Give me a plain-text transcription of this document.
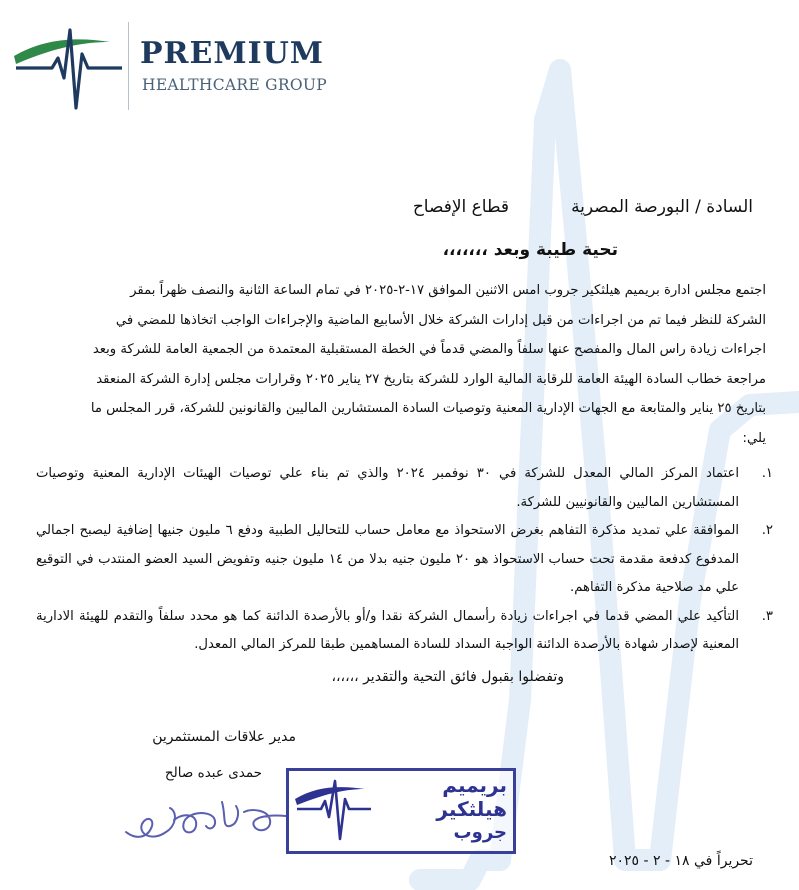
PREMIUM
HEALTHCARE GROUP
السادة / البورصة المصريةقطاع الإفصاح
تحية طيبة وبعد ،،،،،،،
اجتمع مجلس ادارة بريميم هيلثكير جروب امس الاثنين الموافق ١٧-٢-٢٠٢٥ في تمام الساعة الثانية والنصف ظهراً بمقر
الشركة للنظر فيما تم من اجراءات من قبل إدارات الشركة خلال الأسابيع الماضية والإجراءات الواجب اتخاذها للمضي في
اجراءات زيادة راس المال والمفصح عنها سلفاً والمضي قدماً في الخطة المستقبلية المعتمدة من الجمعية العامة للشركة وبعد
مراجعة خطاب السادة الهيئة العامة للرقابة المالية الوارد للشركة بتاريخ ٢٧ يناير ٢٠٢٥ وقرارات مجلس إدارة الشركة المنعقد
بتاريخ ٢٥ يناير والمتابعة مع الجهات الإدارية المعنية وتوصيات السادة المستشارين الماليين والقانونين للشركة، قرر المجلس ما
يلي:
١.
اعتماد المركز المالي المعدل للشركة في ٣٠ نوفمبر ٢٠٢٤ والذي تم بناء علي توصيات الهيئات الإدارية المعنية وتوصيات المستشارين الماليين والقانونيين للشركة.
٢.
الموافقة علي تمديد مذكرة التفاهم بغرض الاستحواذ مع معامل حساب للتحاليل الطبية ودفع ٦ مليون جنيها إضافية ليصبح اجمالي المدفوع كدفعة مقدمة تحت حساب الاستحواذ هو ٢٠ مليون جنيه بدلا من ١٤ مليون جنيه وتفويض السيد العضو المنتدب في التوقيع علي مد صلاحية مذكرة التفاهم.
٣.
التأكيد علي المضي قدما في اجراءات زيادة رأسمال الشركة نقدا و/أو بالأرصدة الدائنة كما هو محدد سلفاً والتقدم للهيئة الادارية المعنية لإصدار شهادة بالأرصدة الدائنة الواجبة السداد للسادة المساهمين طبقا للمركز المالي المعدل.
وتفضلوا بقبول فائق التحية والتقدير ،،،،،،
مدير علاقات المستثمرين
حمدى عبده صالح	بريميم
هيلثكير
جروب
تحريراً في ١٨ - ٢ - ٢٠٢٥
